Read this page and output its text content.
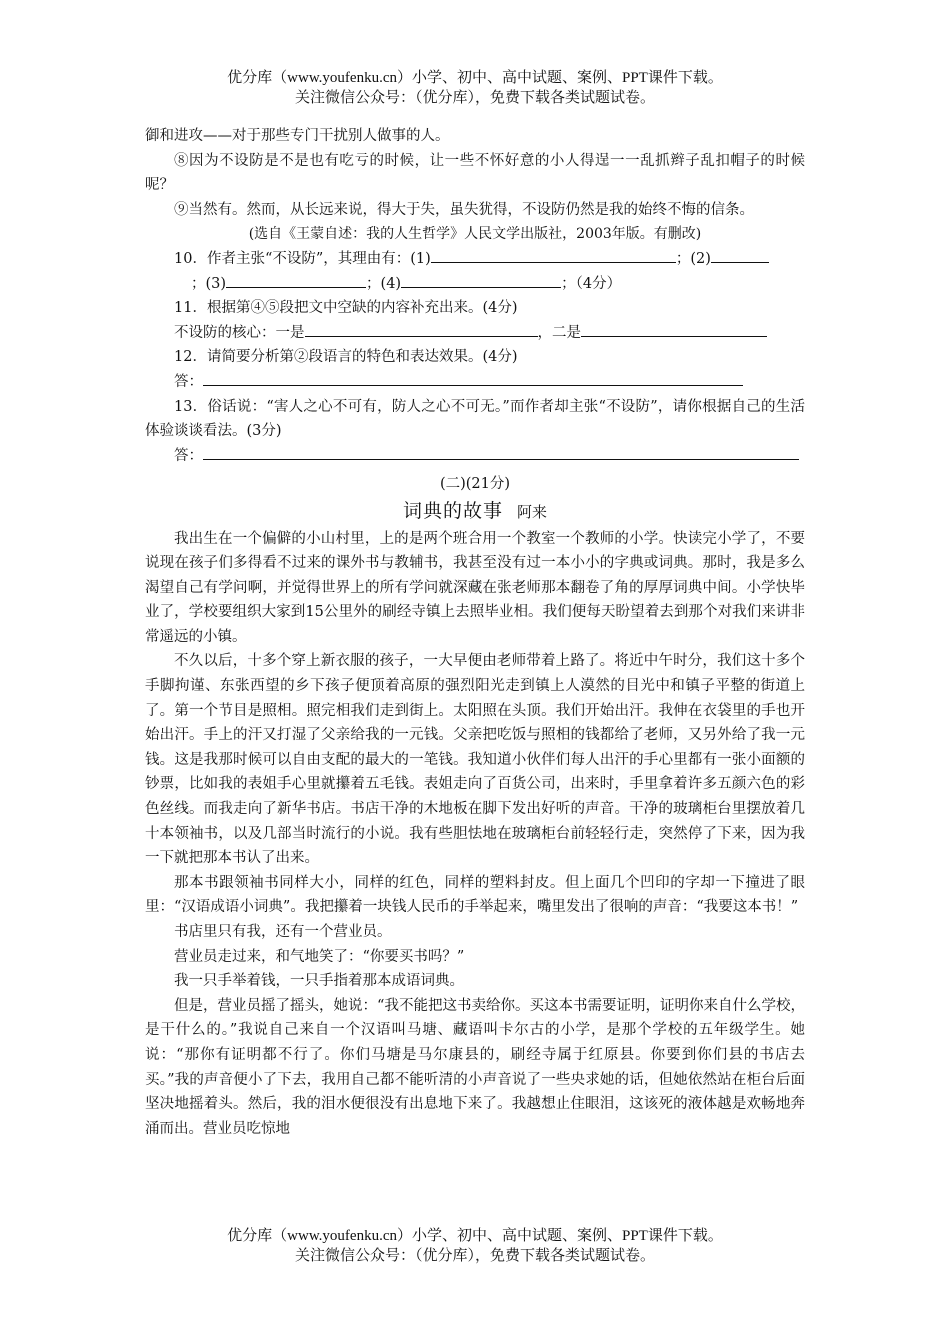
优分库（www.youfenku.cn）小学、初中、高中试题、案例、PPT课件下载。
关注微信公众号：（优分库），免费下载各类试题试卷。

御和进攻——对于那些专门干扰别人做事的人。

⑧因为不设防是不是也有吃亏的时候，让一些不怀好意的小人得逞一一乱抓辫子乱扣帽子的时候呢？

⑨当然有。然而，从长远来说，得大于失，虽失犹得，不设防仍然是我的始终不悔的信条。

(选自《王蒙自述：我的人生哲学》人民文学出版社，2003年版。有删改)

10．作者主张“不设防”，其理由有：(1)	；(2)

；(3)	；(4)	；（4分）

11．根据第④⑤段把文中空缺的内容补充出来。(4分)

不设防的核心：一是	，二是

12．请简要分析第②段语言的特色和表达效果。(4分)

答：

13．俗话说：“害人之心不可有，防人之心不可无。”而作者却主张“不设防”，请你根据自己的生活体验谈谈看法。(3分)

答：

(二)(21分)

词典的故事 阿来

我出生在一个偏僻的小山村里，上的是两个班合用一个教室一个教师的小学。快读完小学了，不要说现在孩子们多得看不过来的课外书与教辅书，我甚至没有过一本小小的字典或词典。那时，我是多么渴望自己有学问啊，并觉得世界上的所有学问就深藏在张老师那本翻卷了角的厚厚词典中间。小学快毕业了，学校要组织大家到15公里外的刷经寺镇上去照毕业相。我们便每天盼望着去到那个对我们来讲非常遥远的小镇。

不久以后，十多个穿上新衣服的孩子，一大早便由老师带着上路了。将近中午时分，我们这十多个手脚拘谨、东张西望的乡下孩子便顶着高原的强烈阳光走到镇上人漠然的目光中和镇子平整的街道上了。第一个节目是照相。照完相我们走到街上。太阳照在头顶。我们开始出汗。我伸在衣袋里的手也开始出汗。手上的汗又打湿了父亲给我的一元钱。父亲把吃饭与照相的钱都给了老师，又另外给了我一元钱。这是我那时候可以自由支配的最大的一笔钱。我知道小伙伴们每人出汗的手心里都有一张小面额的钞票，比如我的表姐手心里就攥着五毛钱。表姐走向了百货公司，出来时，手里拿着许多五颜六色的彩色丝线。而我走向了新华书店。书店干净的木地板在脚下发出好听的声音。干净的玻璃柜台里摆放着几十本领袖书，以及几部当时流行的小说。我有些胆怯地在玻璃柜台前轻轻行走，突然停了下来，因为我一下就把那本书认了出来。

那本书跟领袖书同样大小，同样的红色，同样的塑料封皮。但上面几个凹印的字却一下撞进了眼里：“汉语成语小词典”。我把攥着一块钱人民币的手举起来，嘴里发出了很响的声音：“我要这本书！”

书店里只有我，还有一个营业员。

营业员走过来，和气地笑了：“你要买书吗？”

我一只手举着钱，一只手指着那本成语词典。

但是，营业员摇了摇头，她说：“我不能把这书卖给你。买这本书需要证明，证明你来自什么学校，是干什么的。”我说自己来自一个汉语叫马塘、藏语叫卡尔古的小学，是那个学校的五年级学生。她说：“那你有证明都不行了。你们马塘是马尔康县的，刷经寺属于红原县。你要到你们县的书店去买。”我的声音便小了下去，我用自己都不能听清的小声音说了一些央求她的话，但她依然站在柜台后面坚决地摇着头。然后，我的泪水便很没有出息地下来了。我越想止住眼泪，这该死的液体越是欢畅地奔涌而出。营业员吃惊地

优分库（www.youfenku.cn）小学、初中、高中试题、案例、PPT课件下载。
关注微信公众号：（优分库），免费下载各类试题试卷。
